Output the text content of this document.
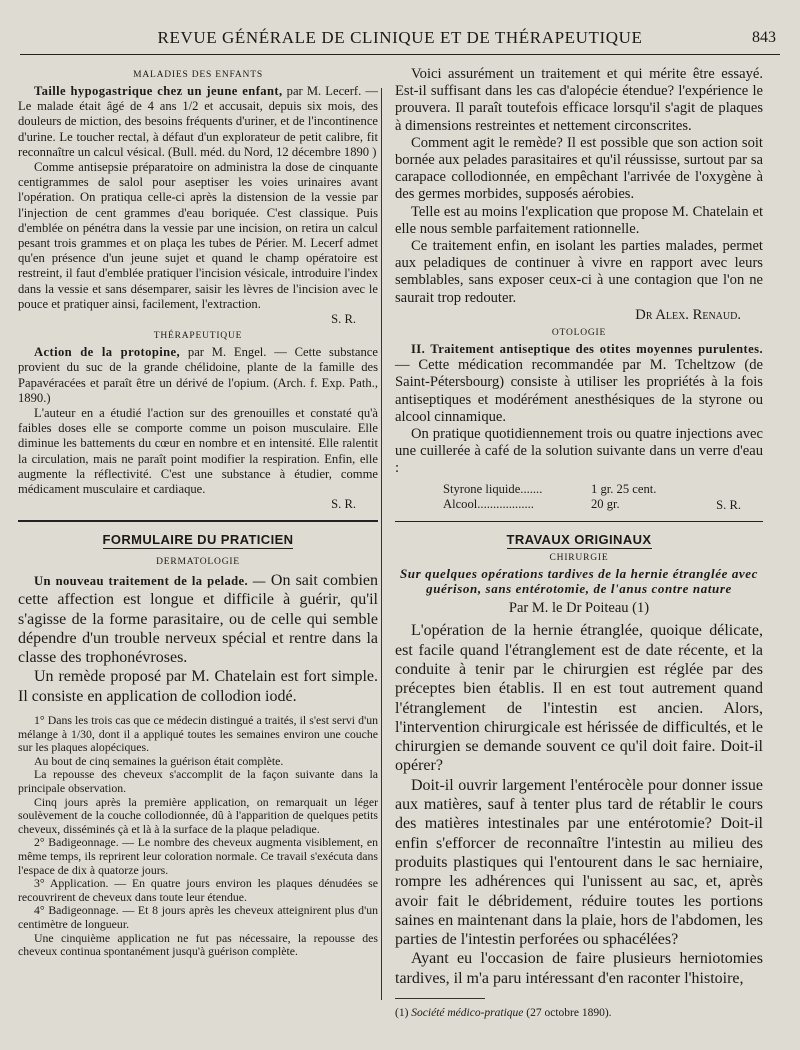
REVUE GÉNÉRALE DE CLINIQUE ET DE THÉRAPEUTIQUE	843
MALADIES DES ENFANTS

Taille hypogastrique chez un jeune enfant, par M. Lecerf. — Le malade était âgé de 4 ans 1/2 et accusait, depuis six mois, des douleurs de miction, des besoins fréquents d'uriner, et de l'incontinence d'urine. Le toucher rectal, à défaut d'un explorateur de petit calibre, fit reconnaître un calcul vésical. (Bull. méd. du Nord, 12 décembre 1890 )

Comme antisepsie préparatoire on administra la dose de cinquante centigrammes de salol pour aseptiser les voies urinaires avant l'opération. On pratiqua celle-ci après la distension de la vessie par l'injection de cent grammes d'eau boriquée. C'est classique. Puis d'emblée on pénétra dans la vessie par une incision, on retira un calcul pesant trois grammes et on plaça les tubes de Périer. M. Lecerf admet qu'en présence d'un jeune sujet et quand le champ opératoire est restreint, il faut d'emblée pratiquer l'incision vésicale, introduire l'index dans la vessie et sans désemparer, saisir les lèvres de l'incision avec le pouce et pratiquer ainsi, facilement, l'extraction.

S. R.
THÉRAPEUTIQUE

Action de la protopine, par M. Engel. — Cette substance provient du suc de la grande chélidoine, plante de la famille des Papavéracées et paraît être un dérivé de l'opium. (Arch. f. Exp. Path., 1890.)

L'auteur en a étudié l'action sur des grenouilles et constaté qu'à faibles doses elle se comporte comme un poison musculaire. Elle diminue les battements du cœur en nombre et en intensité. Elle ralentit la circulation, mais ne paraît point modifier la respiration. Enfin, elle augmente la réflectivité. C'est une substance à étudier, comme médicament musculaire et cardiaque.

S. R.
FORMULAIRE DU PRATICIEN
DERMATOLOGIE

Un nouveau traitement de la pelade. — On sait combien cette affection est longue et difficile à guérir, qu'il s'agisse de la forme parasitaire, ou de celle qui semble dépendre d'un trouble nerveux spécial et rentre dans la classe des trophonévroses.

Un remède proposé par M. Chatelain est fort simple. Il consiste en application de collodion iodé.

1° Dans les trois cas que ce médecin distingué a traités, il s'est servi d'un mélange à 1/30, dont il a appliqué toutes les semaines environ une couche sur les plaques alopéciques.

Au bout de cinq semaines la guérison était complète.

La repousse des cheveux s'accomplit de la façon suivante dans la principale observation.

Cinq jours après la première application, on remarquait un léger soulèvement de la couche collodionnée, dû à l'apparition de quelques petits cheveux, disséminés çà et là à la surface de la plaque peladique.

2° Badigeonnage. — Le nombre des cheveux augmenta visiblement, en même temps, ils reprirent leur coloration normale. Ce travail s'exécuta dans l'espace de dix à quatorze jours.

3° Application. — En quatre jours environ les plaques dénudées se recouvrirent de cheveux dans toute leur étendue.

4° Badigeonnage. — Et 8 jours après les cheveux atteignirent plus d'un centimètre de longueur.

Une cinquième application ne fut pas nécessaire, la repousse des cheveux continua spontanément jusqu'à guérison complète.

Voici assurément un traitement et qui mérite être essayé. Est-il suffisant dans les cas d'alopécie étendue? l'expérience le prouvera. Il paraît toutefois efficace lorsqu'il s'agit de plaques à dimensions restreintes et nettement circonscrites.

Comment agit le remède? Il est possible que son action soit bornée aux pelades parasitaires et qu'il réussisse, surtout par sa carapace collodionnée, en empêchant l'arrivée de l'oxygène à des germes morbides, supposés aérobies.

Telle est au moins l'explication que propose M. Chatelain et elle nous semble parfaitement rationnelle.

Ce traitement enfin, en isolant les parties malades, permet aux peladiques de continuer à vivre en rapport avec leurs semblables, sans exposer ceux-ci à une contagion que l'on ne saurait trop redouter.

Dr Alex. Renaud.
OTOLOGIE

II. Traitement antiseptique des otites moyennes purulentes. — Cette médication recommandée par M. Tcheltzow (de Saint-Pétersbourg) consiste à utiliser les propriétés à la fois antiseptiques et modérément anesthésiques de la styrone ou alcool cinnamique.

On pratique quotidiennement trois ou quatre injections avec une cuillerée à café de la solution suivante dans un verre d'eau :

Styrone liquide.......	1 gr. 25 cent.
Alcool..................	20 gr.	S. R.
TRAVAUX ORIGINAUX
CHIRURGIE
Sur quelques opérations tardives de la hernie étranglée avec guérison, sans entérotomie, de l'anus contre nature
Par M. le Dr Poiteau (1)

L'opération de la hernie étranglée, quoique délicate, est facile quand l'étranglement est de date récente, et la conduite à tenir par le chirurgien est réglée par des préceptes bien établis. Il en est tout autrement quand l'étranglement de l'intestin est ancien. Alors, l'intervention chirurgicale est hérissée de difficultés, et le chirurgien se demande souvent ce qu'il doit faire. Doit-il opérer?

Doit-il ouvrir largement l'entérocèle pour donner issue aux matières, sauf à tenter plus tard de rétablir le cours des matières intestinales par une entérotomie? Doit-il enfin s'efforcer de reconnaître l'intestin au milieu des produits plastiques qui l'entourent dans le sac herniaire, rompre les adhérences qui l'unissent au sac, et, après avoir fait le débridement, réduire toutes les portions saines en maintenant dans la plaie, hors de l'abdomen, les parties de l'intestin perforées ou sphacélées?

Ayant eu l'occasion de faire plusieurs herniotomies tardives, il m'a paru intéressant d'en raconter l'histoire,

(1) Société médico-pratique (27 octobre 1890).
